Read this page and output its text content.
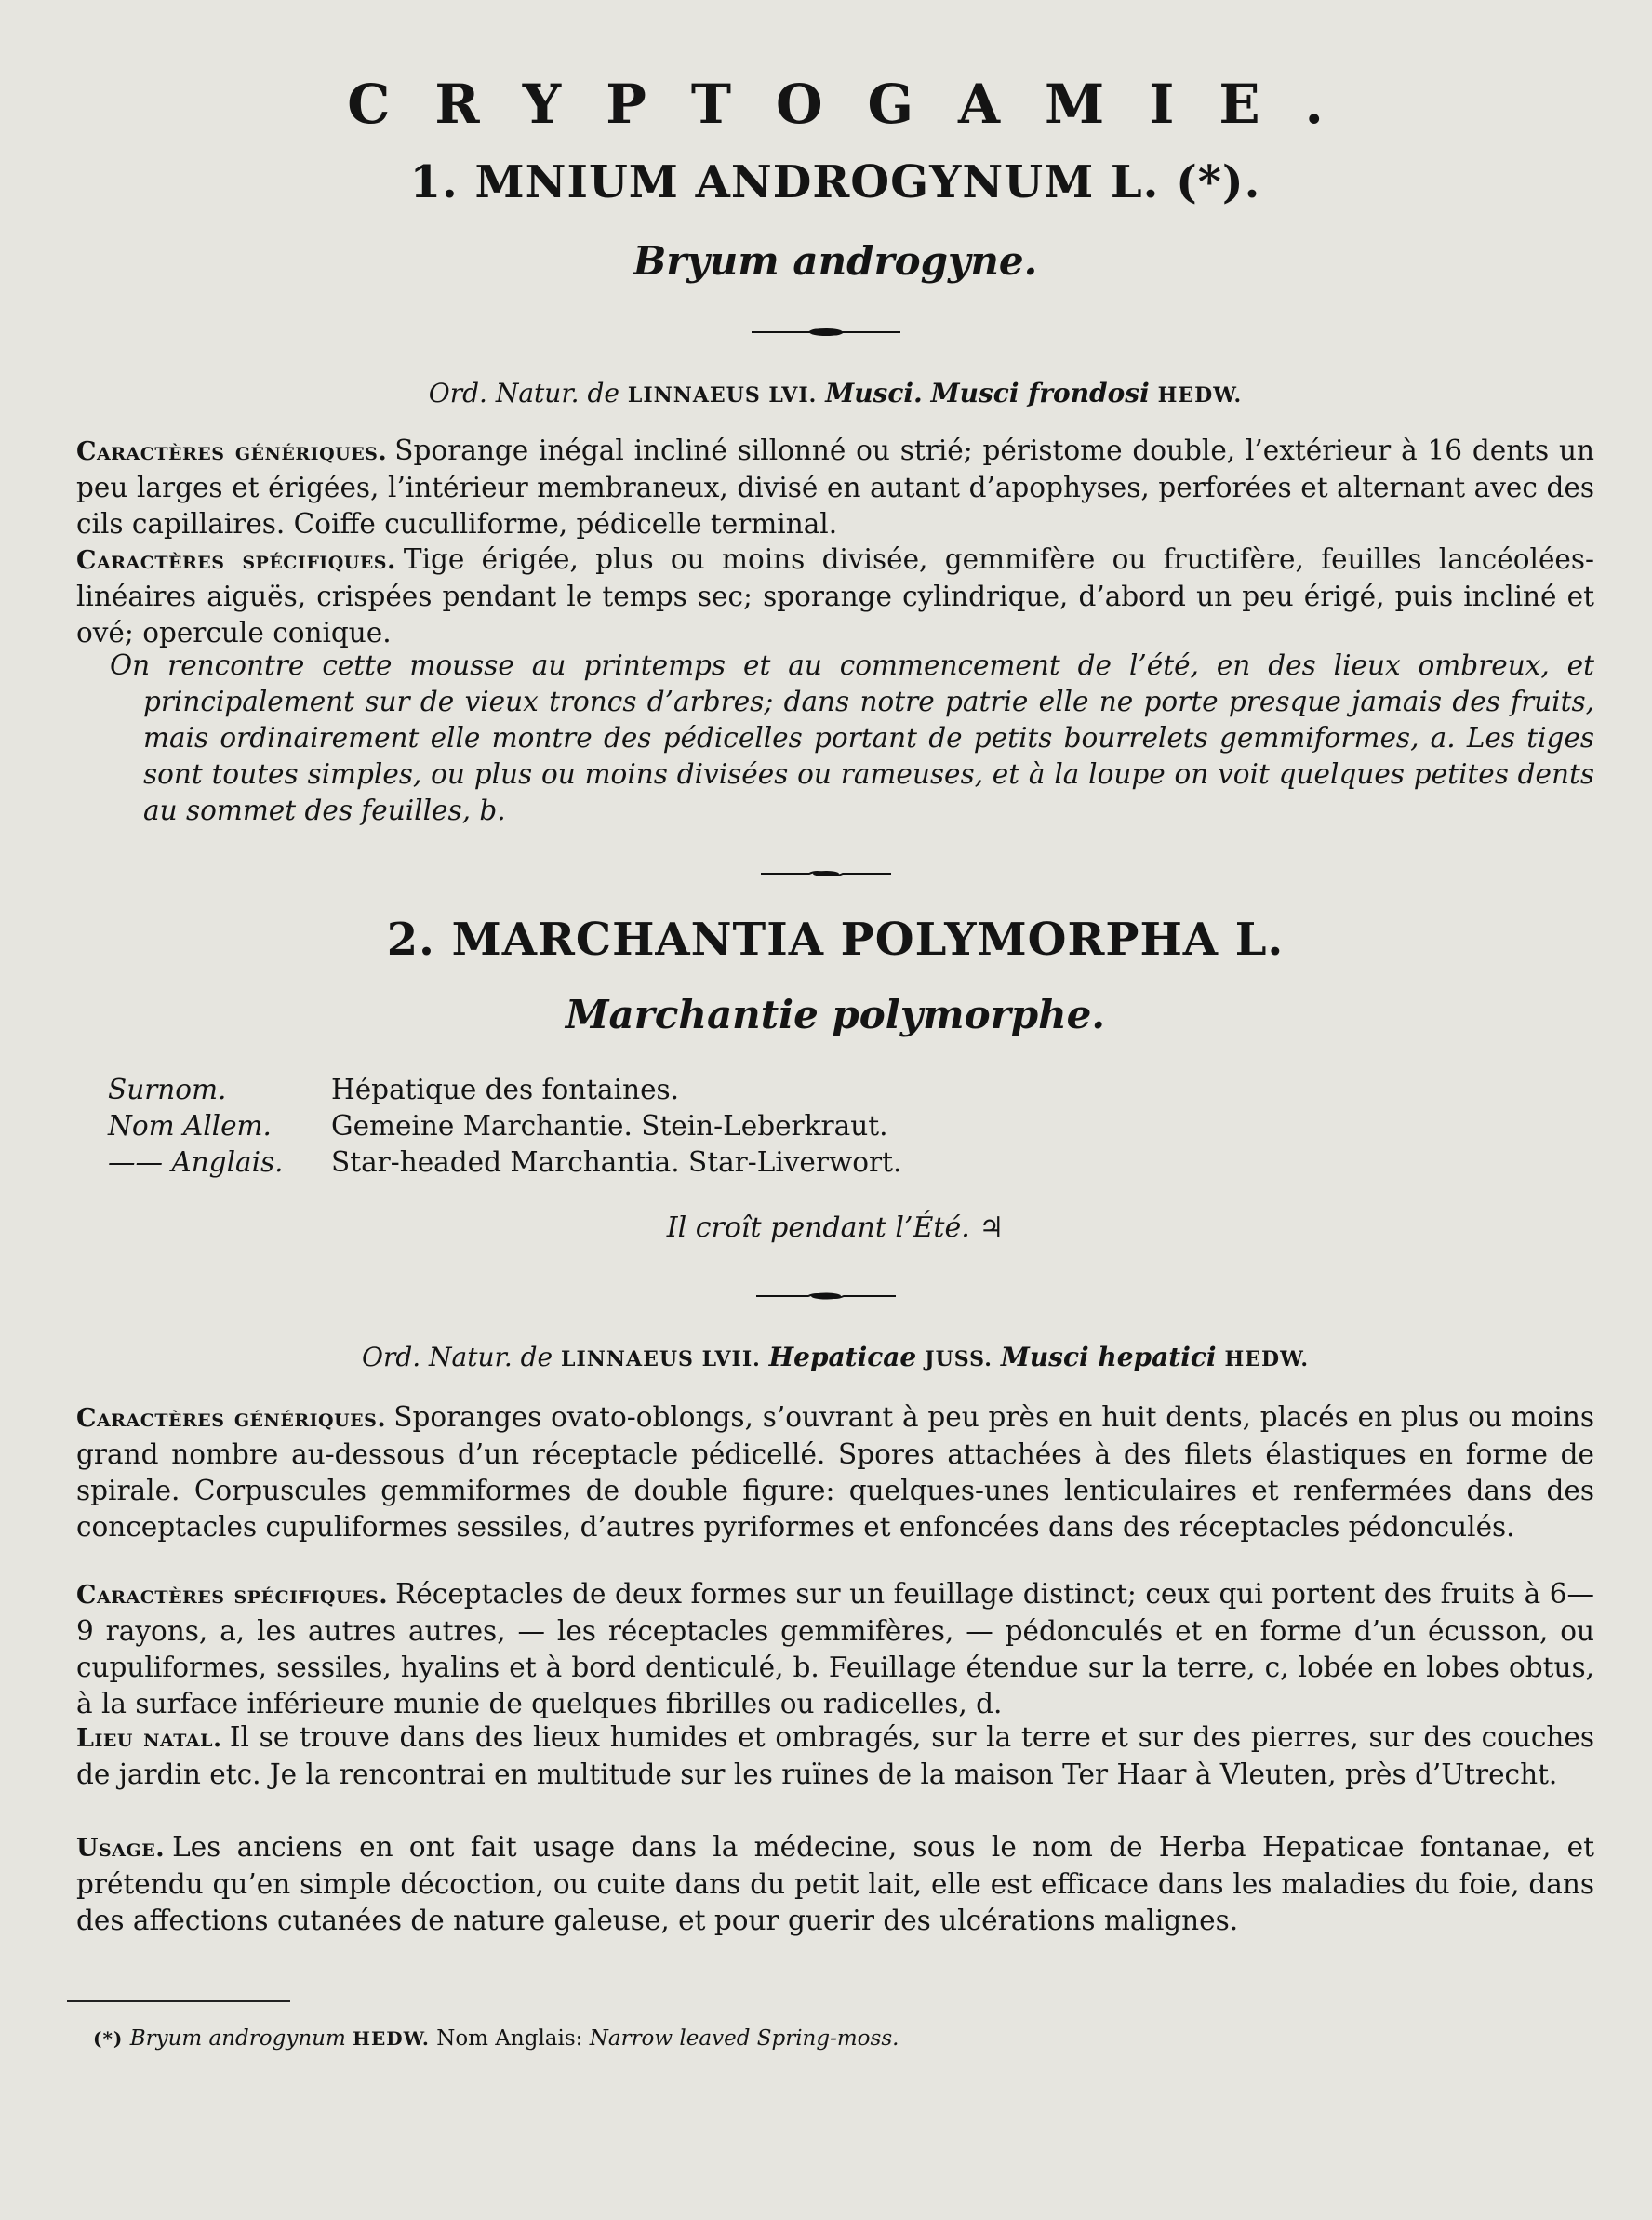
CRYPTOGAMIE.
1. MNIUM ANDROGYNUM L. (*).
Bryum androgyne.
Ord. Natur. de LINNAEUS LVI. Musci. Musci frondosi HEDW.
Caractères génériques. Sporange inégal incliné sillonné ou strié; péristome double, l’extérieur à 16 dents un peu larges et érigées, l’intérieur membraneux, divisé en autant d’apophyses, perforées et alternant avec des cils capillaires. Coiffe cuculliforme, pédicelle terminal.
Caractères spécifiques. Tige érigée, plus ou moins divisée, gemmifère ou fructifère, feuilles lancéolées-linéaires aiguës, crispées pendant le temps sec; sporange cylindrique, d’abord un peu érigé, puis incliné et ové; opercule conique.
On rencontre cette mousse au printemps et au commencement de l’été, en des lieux ombreux, et principalement sur de vieux troncs d’arbres; dans notre patrie elle ne porte presque jamais des fruits, mais ordinairement elle montre des pédicelles portant de petits bourrelets gemmiformes, a. Les tiges sont toutes simples, ou plus ou moins divisées ou rameuses, et à la loupe on voit quelques petites dents au sommet des feuilles, b.
2. MARCHANTIA POLYMORPHA L.
Marchantie polymorphe.
Surnom.	Hépatique des fontaines.
Nom Allem.	Gemeine Marchantie. Stein-Leberkraut.
—— Anglais.	Star-headed Marchantia. Star-Liverwort.
Il croît pendant l’Été. ♃
Ord. Natur. de LINNAEUS LVII. Hepaticae JUSS. Musci hepatici HEDW.
Caractères génériques. Sporanges ovato-oblongs, s’ouvrant à peu près en huit dents, placés en plus ou moins grand nombre au-dessous d’un réceptacle pédicellé. Spores attachées à des filets élastiques en forme de spirale. Corpuscules gemmiformes de double figure: quelques-unes lenticulaires et renfermées dans des conceptacles cupuliformes sessiles, d’autres pyriformes et enfoncées dans des réceptacles pédonculés.
Caractères spécifiques. Réceptacles de deux formes sur un feuillage distinct; ceux qui portent des fruits à 6—9 rayons, a, les autres autres, — les réceptacles gemmifères, — pédonculés et en forme d’un écusson, ou cupuliformes, sessiles, hyalins et à bord denticulé, b. Feuillage étendue sur la terre, c, lobée en lobes obtus, à la surface inférieure munie de quelques fibrilles ou radicelles, d.
Lieu natal. Il se trouve dans des lieux humides et ombragés, sur la terre et sur des pierres, sur des couches de jardin etc. Je la rencontrai en multitude sur les ruïnes de la maison Ter Haar à Vleuten, près d’Utrecht.
Usage. Les anciens en ont fait usage dans la médecine, sous le nom de Herba Hepaticae fontanae, et prétendu qu’en simple décoction, ou cuite dans du petit lait, elle est efficace dans les maladies du foie, dans des affections cutanées de nature galeuse, et pour guerir des ulcérations malignes.
(*) Bryum androgynum HEDW. Nom Anglais: Narrow leaved Spring-moss.
